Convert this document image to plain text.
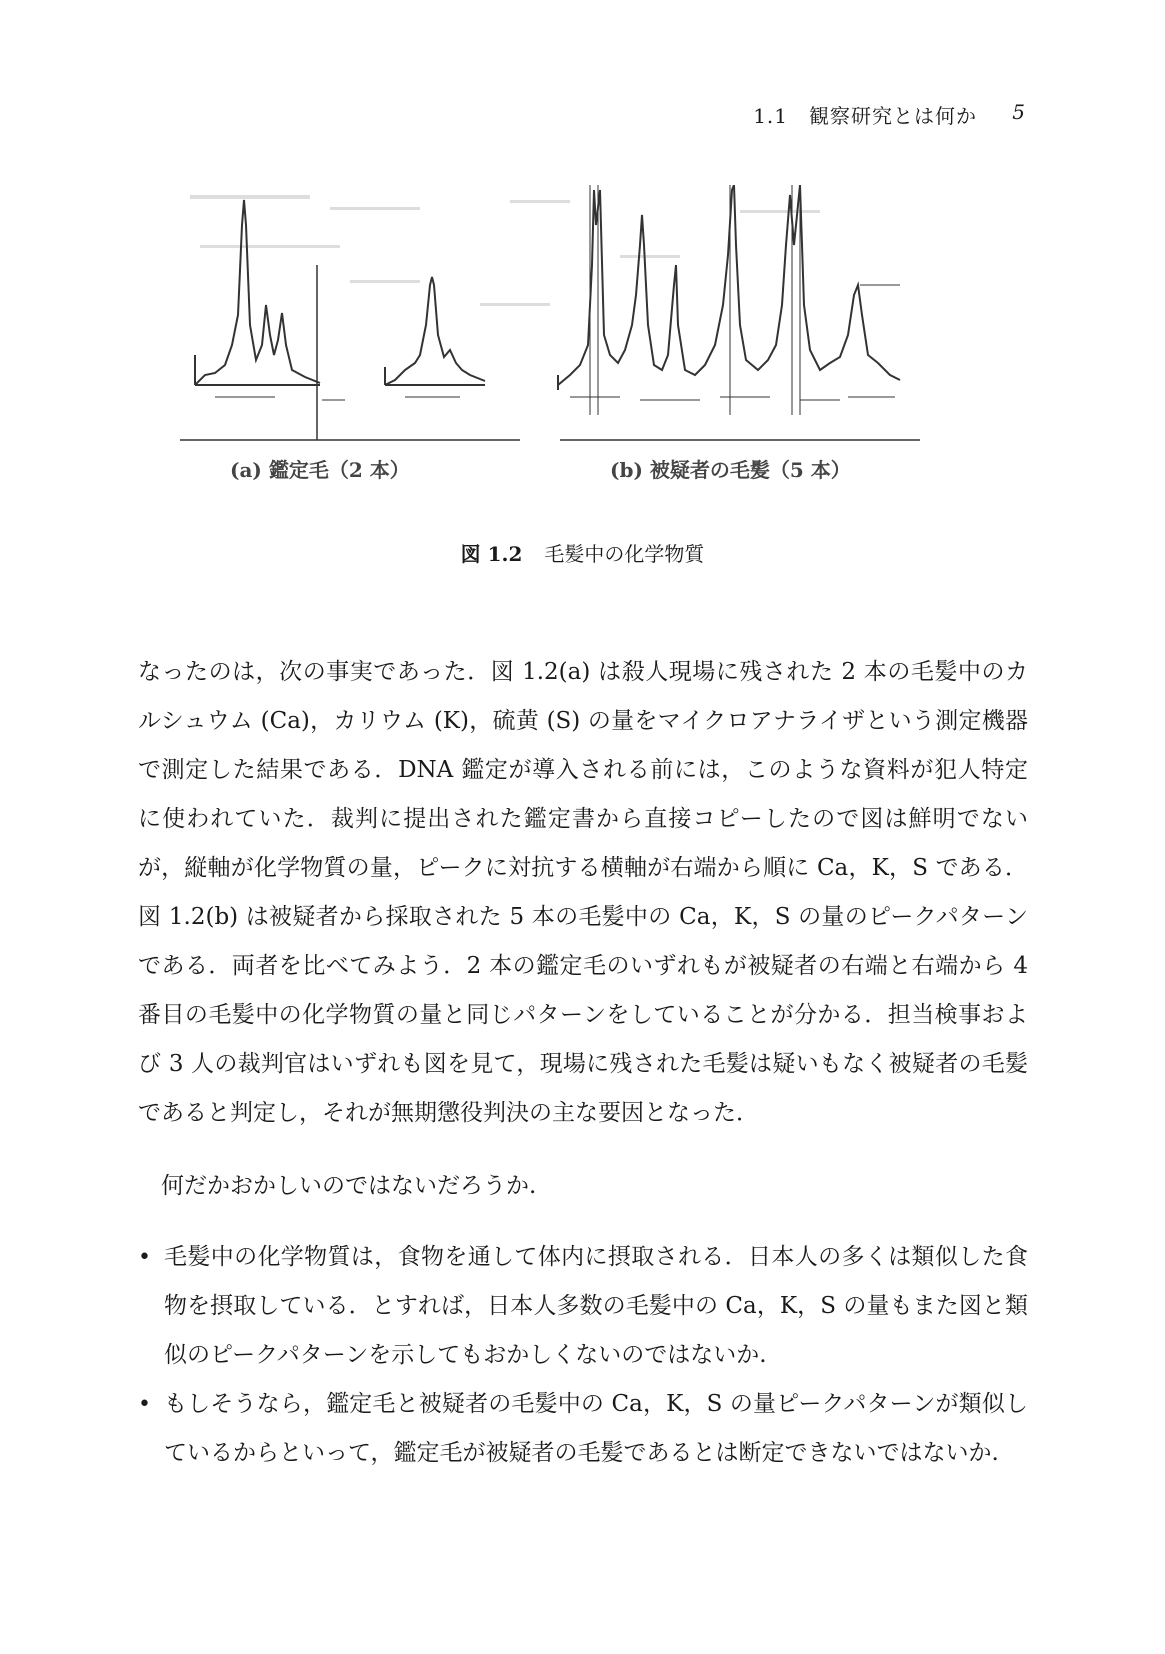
1.1　観察研究とは何か 5
(a) 鑑定毛（2 本）	(b) 被疑者の毛髪（5 本）
図 1.2 毛髪中の化学物質

なったのは，次の事実であった．図 1.2(a) は殺人現場に残された 2 本の毛髪中のカルシュウム (Ca)，カリウム (K)，硫黄 (S) の量をマイクロアナライザという測定機器で測定した結果である．DNA 鑑定が導入される前には，このような資料が犯人特定に使われていた．裁判に提出された鑑定書から直接コピーしたので図は鮮明でないが，縦軸が化学物質の量，ピークに対抗する横軸が右端から順に Ca，K，S である．図 1.2(b) は被疑者から採取された 5 本の毛髪中の Ca，K，S の量のピークパターンである．両者を比べてみよう．2 本の鑑定毛のいずれもが被疑者の右端と右端から 4 番目の毛髪中の化学物質の量と同じパターンをしていることが分かる．担当検事および 3 人の裁判官はいずれも図を見て，現場に残された毛髪は疑いもなく被疑者の毛髪であると判定し，それが無期懲役判決の主な要因となった．

何だかおかしいのではないだろうか.

• 毛髪中の化学物質は，食物を通して体内に摂取される．日本人の多くは類似した食物を摂取している．とすれば，日本人多数の毛髪中の Ca，K，S の量もまた図と類似のピークパターンを示してもおかしくないのではないか.
• もしそうなら，鑑定毛と被疑者の毛髪中の Ca，K，S の量ピークパターンが類似しているからといって，鑑定毛が被疑者の毛髪であるとは断定できないではないか.
